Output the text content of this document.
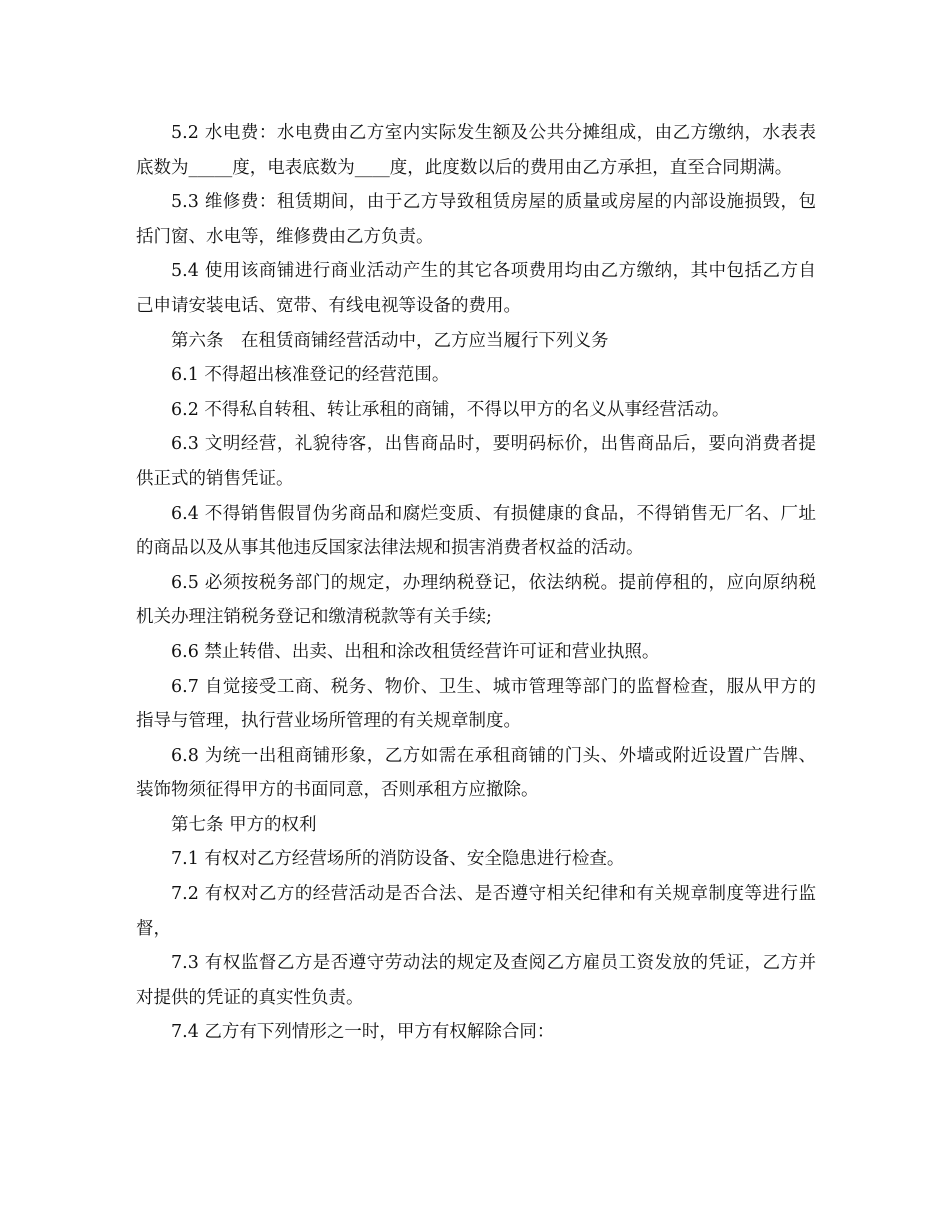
5.2 水电费：水电费由乙方室内实际发生额及公共分摊组成，由乙方缴纳，水表表底数为_____度，电表底数为____度，此度数以后的费用由乙方承担，直至合同期满。

5.3 维修费：租赁期间，由于乙方导致租赁房屋的质量或房屋的内部设施损毁，包括门窗、水电等，维修费由乙方负责。

5.4 使用该商铺进行商业活动产生的其它各项费用均由乙方缴纳，其中包括乙方自己申请安装电话、宽带、有线电视等设备的费用。

第六条　在租赁商铺经营活动中，乙方应当履行下列义务

6.1 不得超出核准登记的经营范围。

6.2 不得私自转租、转让承租的商铺，不得以甲方的名义从事经营活动。

6.3 文明经营，礼貌待客，出售商品时，要明码标价，出售商品后，要向消费者提供正式的销售凭证。

6.4 不得销售假冒伪劣商品和腐烂变质、有损健康的食品，不得销售无厂名、厂址的商品以及从事其他违反国家法律法规和损害消费者权益的活动。

6.5 必须按税务部门的规定，办理纳税登记，依法纳税。提前停租的，应向原纳税机关办理注销税务登记和缴清税款等有关手续;

6.6 禁止转借、出卖、出租和涂改租赁经营许可证和营业执照。

6.7 自觉接受工商、税务、物价、卫生、城市管理等部门的监督检查，服从甲方的指导与管理，执行营业场所管理的有关规章制度。

6.8 为统一出租商铺形象，乙方如需在承租商铺的门头、外墙或附近设置广告牌、装饰物须征得甲方的书面同意，否则承租方应撤除。

第七条 甲方的权利

7.1 有权对乙方经营场所的消防设备、安全隐患进行检查。

7.2 有权对乙方的经营活动是否合法、是否遵守相关纪律和有关规章制度等进行监督，

7.3 有权监督乙方是否遵守劳动法的规定及查阅乙方雇员工资发放的凭证，乙方并对提供的凭证的真实性负责。

7.4 乙方有下列情形之一时，甲方有权解除合同：
